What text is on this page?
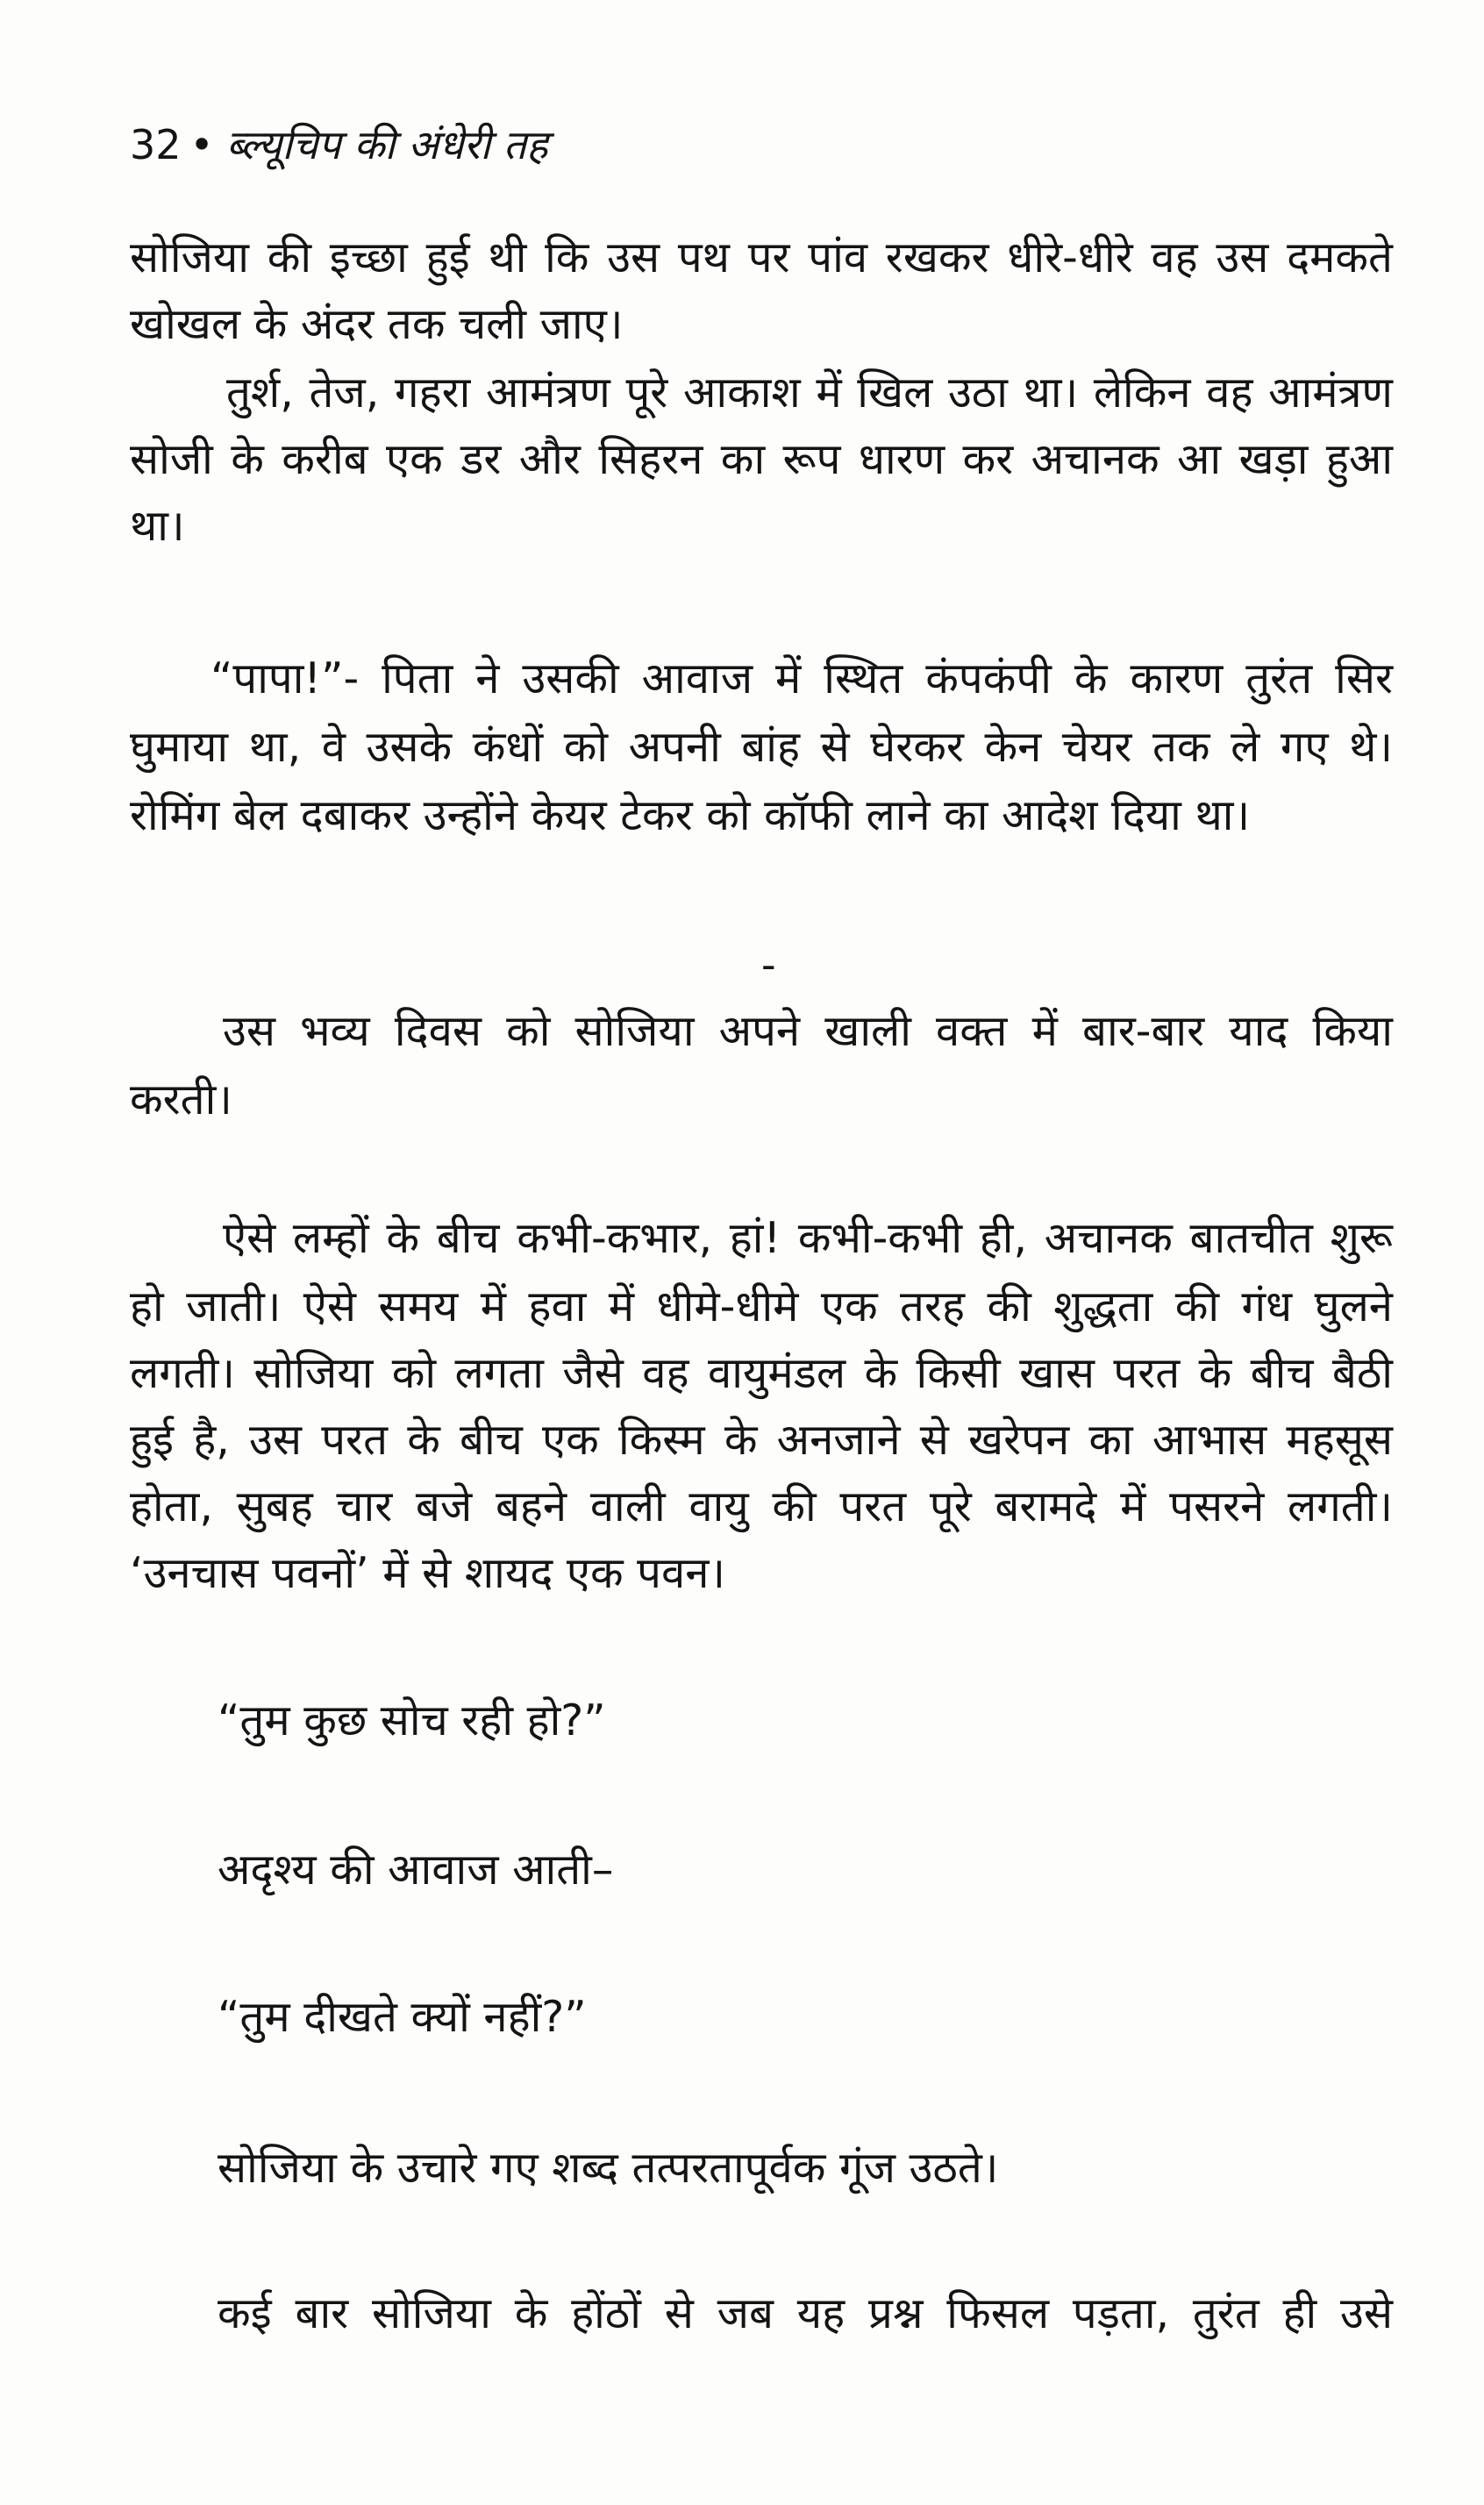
32 • ब्ल्यूचिप की अंधेरी तह
सोजिया की इच्छा हुई थी कि उस पथ पर पांव रखकर धीरे-धीरे वह उस दमकते
खोखल के अंदर तक चली जाए।
तुर्श, तेज, गहरा आमंत्रण पूरे आकाश में खिल उठा था। लेकिन वह आमंत्रण
सोजी के करीब एक डर और सिहरन का रूप धारण कर अचानक आ खड़ा हुआ
था।
“पापा!”- पिता ने उसकी आवाज में स्थित कंपकंपी के कारण तुरंत सिर
घुमाया था, वे उसके कंधों को अपनी बांह से घेरकर केन चेयर तक ले गए थे।
रोमिंग बेल दबाकर उन्होंने केयर टेकर को कॉफी लाने का आदेश दिया था।
-
उस भव्य दिवस को सोजिया अपने खाली वक्त में बार-बार याद किया
करती।
ऐसे लम्हों के बीच कभी-कभार, हां! कभी-कभी ही, अचानक बातचीत शुरू
हो जाती। ऐसे समय में हवा में धीमे-धीमे एक तरह की शुद्धता की गंध घुलने
लगती। सोजिया को लगता जैसे वह वायुमंडल के किसी खास परत के बीच बैठी
हुई है, उस परत के बीच एक किस्म के अनजाने से खरेपन का आभास महसूस
होता, सुबह चार बजे बहने वाली वायु की परत पूरे बरामदे में पसरने लगती।
‘उनचास पवनों’ में से शायद एक पवन।
“तुम कुछ सोच रही हो?”
अदृश्य की आवाज आती–
“तुम दीखते क्यों नहीं?”
सोजिया के उचारे गए शब्द तत्परतापूर्वक गूंज उठते।
कई बार सोजिया के होंठों से जब यह प्रश्न फिसल पड़ता, तुरंत ही उसे
